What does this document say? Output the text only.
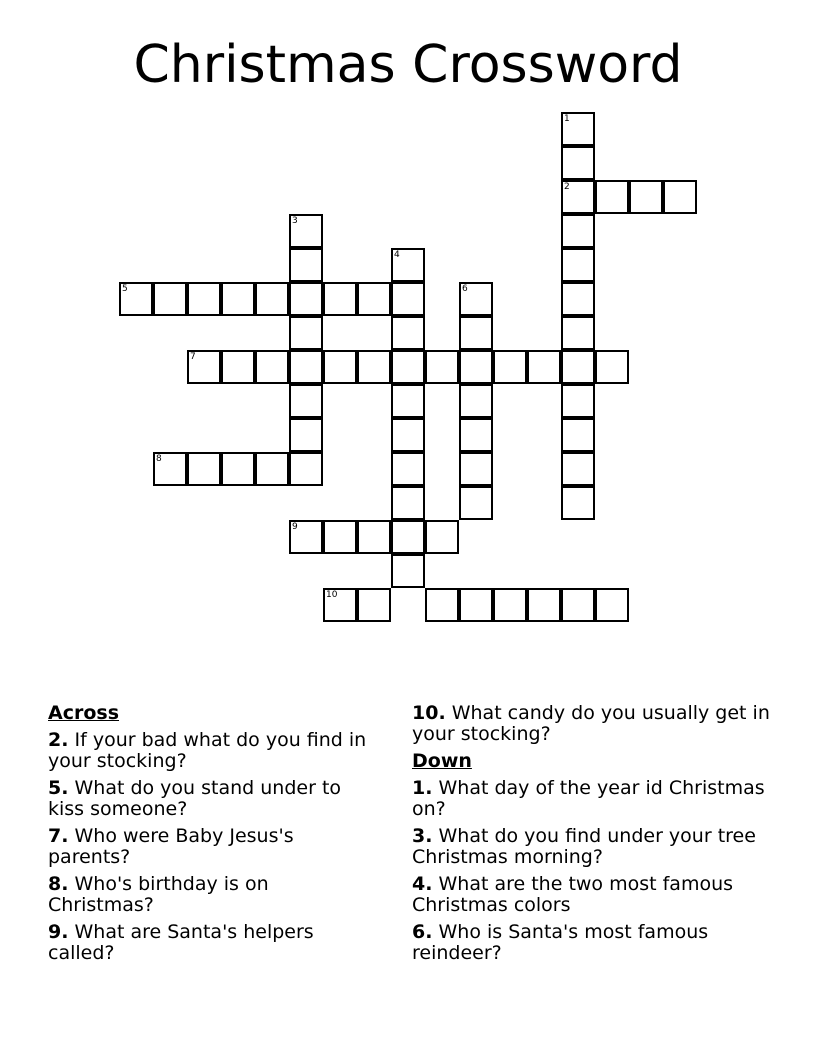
Christmas Crossword
1
2
3
4
6
5
7
8
9
10
Across
2. If your bad what do you find in your stocking?
5. What do you stand under to kiss someone?
7. Who were Baby Jesus's parents?
8. Who's birthday is on Christmas?
9. What are Santa's helpers called?
10. What candy do you usually get in your stocking?
Down
1. What day of the year id Christmas on?
3. What do you find under your tree Christmas morning?
4. What are the two most famous Christmas colors
6. Who is Santa's most famous reindeer?
